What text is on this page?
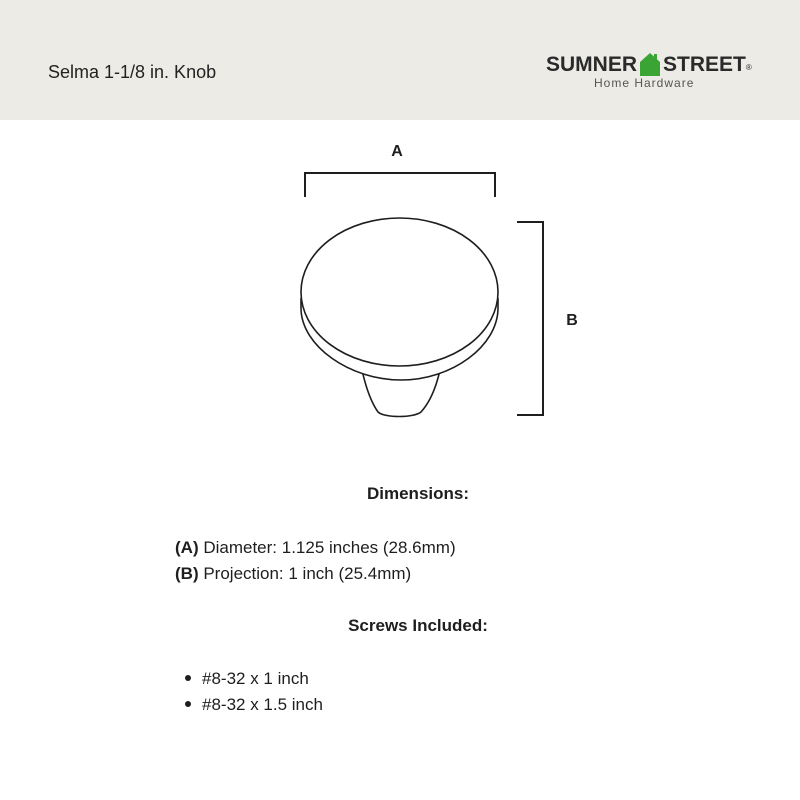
Selma 1-1/8 in. Knob	SUMNER STREET®
Home Hardware
A
B
Dimensions:
(A) Diameter: 1.125 inches (28.6mm)
(B) Projection: 1 inch (25.4mm)
Screws Included:
#8-32 x 1 inch
#8-32 x 1.5 inch
